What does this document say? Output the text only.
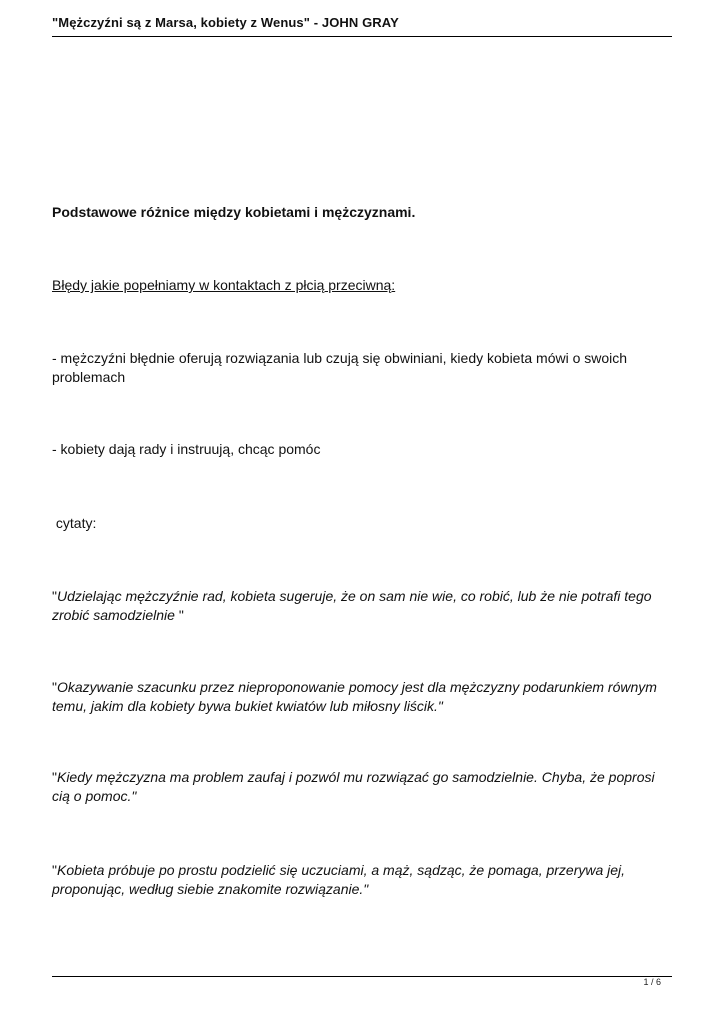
"Mężczyźni są z Marsa, kobiety z Wenus" - JOHN GRAY
Podstawowe różnice między kobietami i mężczyznami.
Błędy jakie popełniamy w kontaktach z płcią przeciwną:
- mężczyźni błędnie oferują rozwiązania lub czują się obwiniani, kiedy kobieta mówi o swoich problemach
- kobiety dają rady i instruują, chcąc pomóc
cytaty:
"Udzielając mężczyźnie rad, kobieta sugeruje, że on sam nie wie, co robić, lub że nie potrafi tego zrobić samodzielnie "
"Okazywanie szacunku przez nieproponowanie pomocy jest dla mężczyzny podarunkiem równym temu, jakim dla kobiety bywa bukiet kwiatów lub miłosny liścik."
"Kiedy mężczyzna ma problem zaufaj i pozwól mu rozwiązać go samodzielnie. Chyba, że poprosi cią o pomoc."
"Kobieta próbuje po prostu podzielić się uczuciami, a mąż, sądząc, że pomaga, przerywa jej, proponując, według siebie znakomite rozwiązanie."
1 / 6
